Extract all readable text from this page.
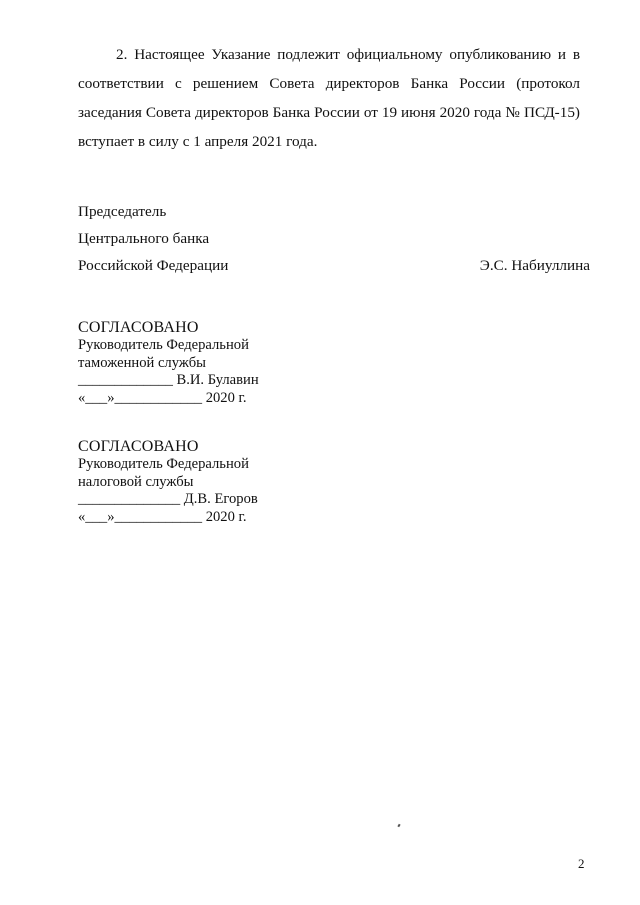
2. Настоящее Указание подлежит официальному опубликованию и в соответствии с решением Совета директоров Банка России (протокол заседания Совета директоров Банка России от 19 июня 2020 года № ПСД-15) вступает в силу с 1 апреля 2021 года.

Председатель
Центрального банка
Российской Федерации	Э.С. Набиуллина
СОГЛАСОВАНО
Руководитель Федеральной
таможенной службы
_____________ В.И. Булавин
«___»____________ 2020 г.
СОГЛАСОВАНО
Руководитель Федеральной
налоговой службы
______________ Д.В. Егоров
«___»____________ 2020 г.
2
